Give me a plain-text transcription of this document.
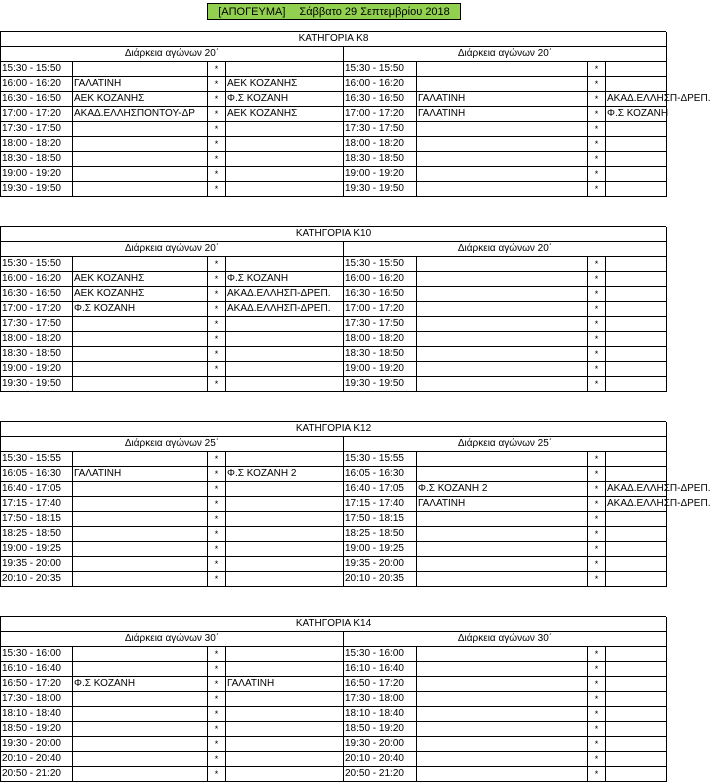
[ΑΠΟΓΕΥΜΑ] Σάββατο 29 Σεπτεμβρίου 2018
ΚΑΤΗΓΟΡΙΑ Κ8
Διάρκεια αγώνων 20΄	Διάρκεια αγώνων 20΄
15:30 - 15:50	*	15:30 - 15:50	*
16:00 - 16:20	ΓΑΛΑΤΙΝΗ	* ΑΕΚ ΚΟΖΑΝΗΣ	16:00 - 16:20	*
16:30 - 16:50	ΑΕΚ ΚΟΖΑΝΗΣ	* Φ.Σ ΚΟΖΑΝΗ	16:30 - 16:50	ΓΑΛΑΤΙΝΗ	* ΑΚΑΔ.ΕΛΛΗΣΠ-ΔΡΕΠ.
17:00 - 17:20	ΑΚΑΔ.ΕΛΛΗΣΠΟΝΤΟΥ-ΔΡ	* ΑΕΚ ΚΟΖΑΝΗΣ	17:00 - 17:20	ΓΑΛΑΤΙΝΗ	* Φ.Σ ΚΟΖΑΝΗ
17:30 - 17:50	*	17:30 - 17:50	*
18:00 - 18:20	*	18:00 - 18:20	*
18:30 - 18:50	*	18:30 - 18:50	*
19:00 - 19:20	*	19:00 - 19:20	*
19:30 - 19:50	*	19:30 - 19:50	*
ΚΑΤΗΓΟΡΙΑ Κ10
Διάρκεια αγώνων 20΄	Διάρκεια αγώνων 20΄
15:30 - 15:50	*	15:30 - 15:50	*
16:00 - 16:20	ΑΕΚ ΚΟΖΑΝΗΣ	* Φ.Σ ΚΟΖΑΝΗ	16:00 - 16:20	*
16:30 - 16:50	ΑΕΚ ΚΟΖΑΝΗΣ	* ΑΚΑΔ.ΕΛΛΗΣΠ-ΔΡΕΠ.	16:30 - 16:50	*
17:00 - 17:20	Φ.Σ ΚΟΖΑΝΗ	* ΑΚΑΔ.ΕΛΛΗΣΠ-ΔΡΕΠ.	17:00 - 17:20	*
17:30 - 17:50	*	17:30 - 17:50	*
18:00 - 18:20	*	18:00 - 18:20	*
18:30 - 18:50	*	18:30 - 18:50	*
19:00 - 19:20	*	19:00 - 19:20	*
19:30 - 19:50	*	19:30 - 19:50	*
ΚΑΤΗΓΟΡΙΑ Κ12
Διάρκεια αγώνων 25΄	Διάρκεια αγώνων 25΄
15:30 - 15:55	*	15:30 - 15:55	*
16:05 - 16:30	ΓΑΛΑΤΙΝΗ	* Φ.Σ ΚΟΖΑΝΗ 2	16:05 - 16:30	*
16:40 - 17:05	*	16:40 - 17:05	Φ.Σ ΚΟΖΑΝΗ 2	* ΑΚΑΔ.ΕΛΛΗΣΠ-ΔΡΕΠ.
17:15 - 17:40	*	17:15 - 17:40	ΓΑΛΑΤΙΝΗ	* ΑΚΑΔ.ΕΛΛΗΣΠ-ΔΡΕΠ.
17:50 - 18:15	*	17:50 - 18:15	*
18:25 - 18:50	*	18:25 - 18:50	*
19:00 - 19:25	*	19:00 - 19:25	*
19:35 - 20:00	*	19:35 - 20:00	*
20:10 - 20:35	*	20:10 - 20:35	*
ΚΑΤΗΓΟΡΙΑ Κ14
Διάρκεια αγώνων 30΄	Διάρκεια αγώνων 30΄
15:30 - 16:00	*	15:30 - 16:00	*
16:10 - 16:40	*	16:10 - 16:40	*
16:50 - 17:20	Φ.Σ ΚΟΖΑΝΗ	* ΓΑΛΑΤΙΝΗ	16:50 - 17:20	*
17:30 - 18:00	*	17:30 - 18:00	*
18:10 - 18:40	*	18:10 - 18:40	*
18:50 - 19:20	*	18:50 - 19:20	*
19:30 - 20:00	*	19:30 - 20:00	*
20:10 - 20:40	*	20:10 - 20:40	*
20:50 - 21:20	*	20:50 - 21:20	*
